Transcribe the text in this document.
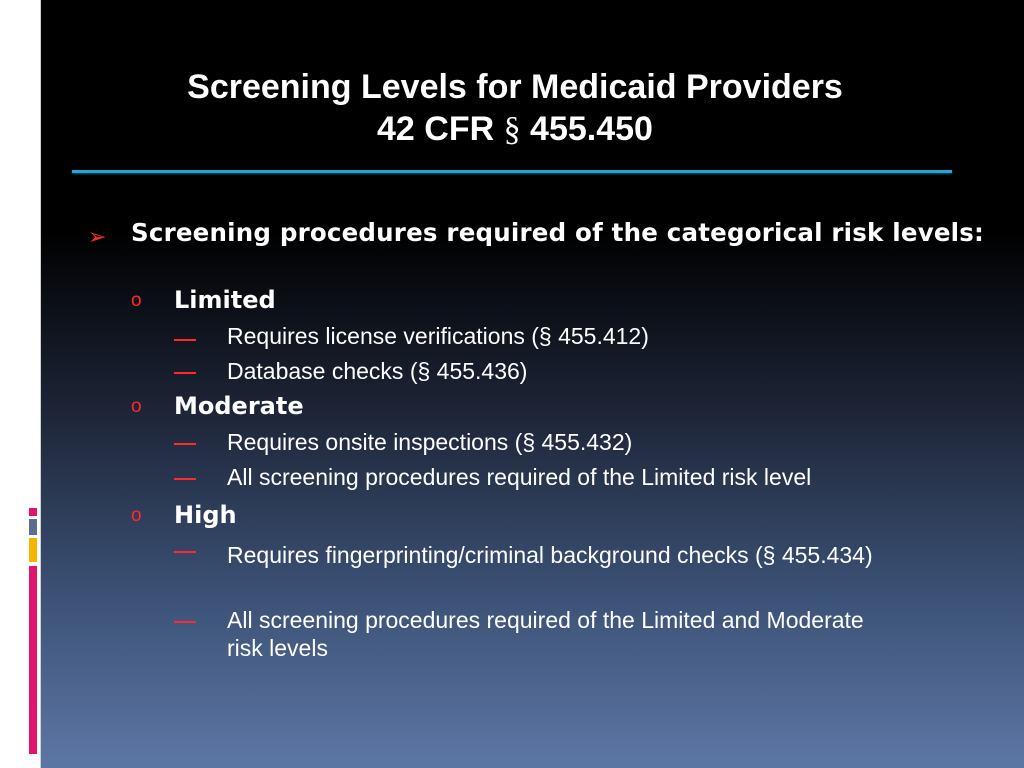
Screening Levels for Medicaid Providers
42 CFR § 455.450
➢ Screening procedures required of the categorical risk levels:
o Limited
Requires license verifications (§ 455.412)
Database checks (§ 455.436)
o Moderate
Requires onsite inspections (§ 455.432)
All screening procedures required of the Limited risk level
o High
Requires fingerprinting/criminal background checks (§ 455.434)
All screening procedures required of the Limited and Moderate risk levels
